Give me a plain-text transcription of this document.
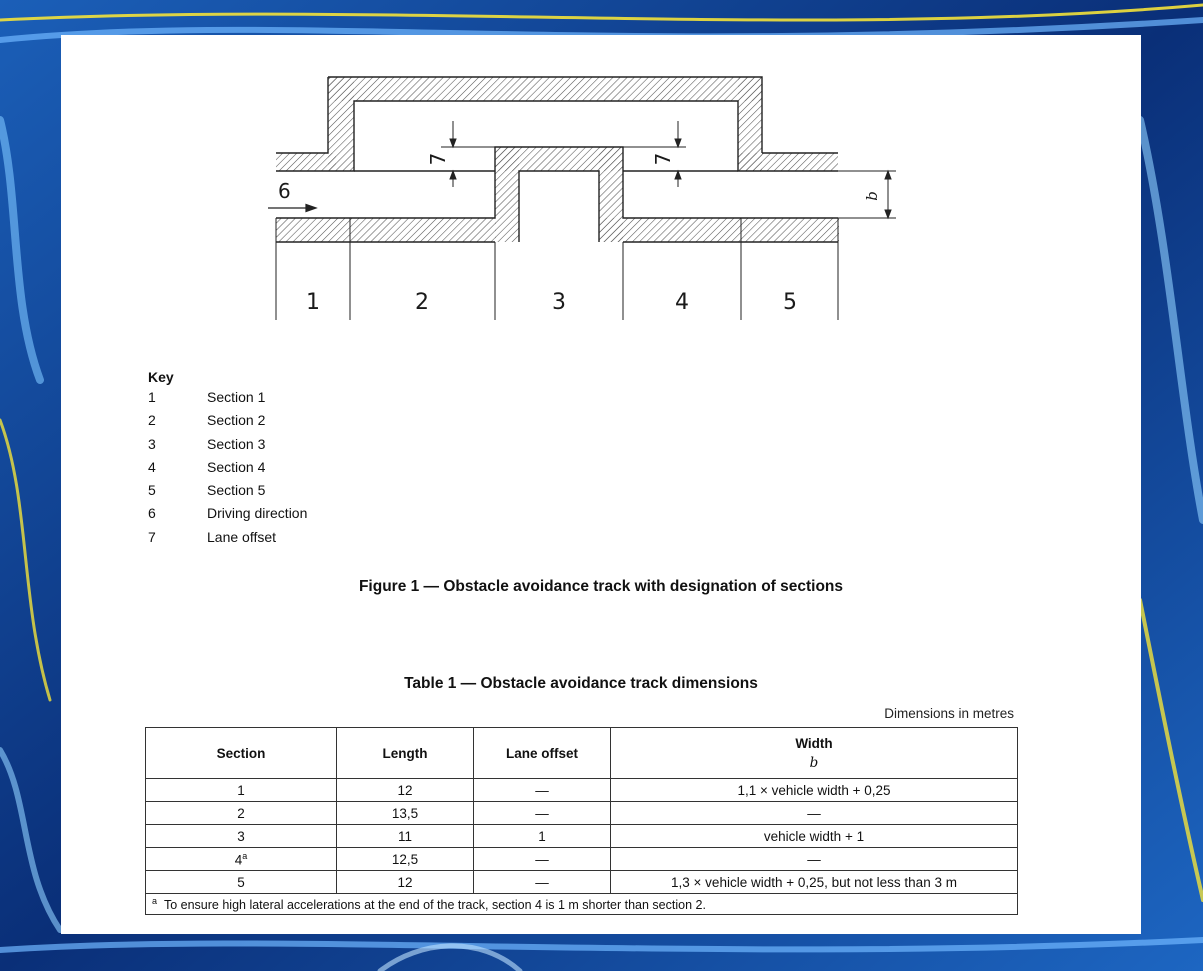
6
7	7
b
1	2	3	4	5
Key
1	Section 1
2	Section 2
3	Section 3
4	Section 4
5	Section 5
6	Driving direction
7	Lane offset
Figure 1 — Obstacle avoidance track with designation of sections
Table 1 — Obstacle avoidance track dimensions
Dimensions in metres
Section	Length	Lane offset	Width
b

1	12	—	1,1 × vehicle width + 0,25
2	13,5	—	—
3	11	1	vehicle width + 1
4$^a$	12,5	—	—
5	12	—	1,3 × vehicle width + 0,25, but not less than 3 m
$^a$ To ensure high lateral accelerations at the end of the track, section 4 is 1 m shorter than section 2.			
